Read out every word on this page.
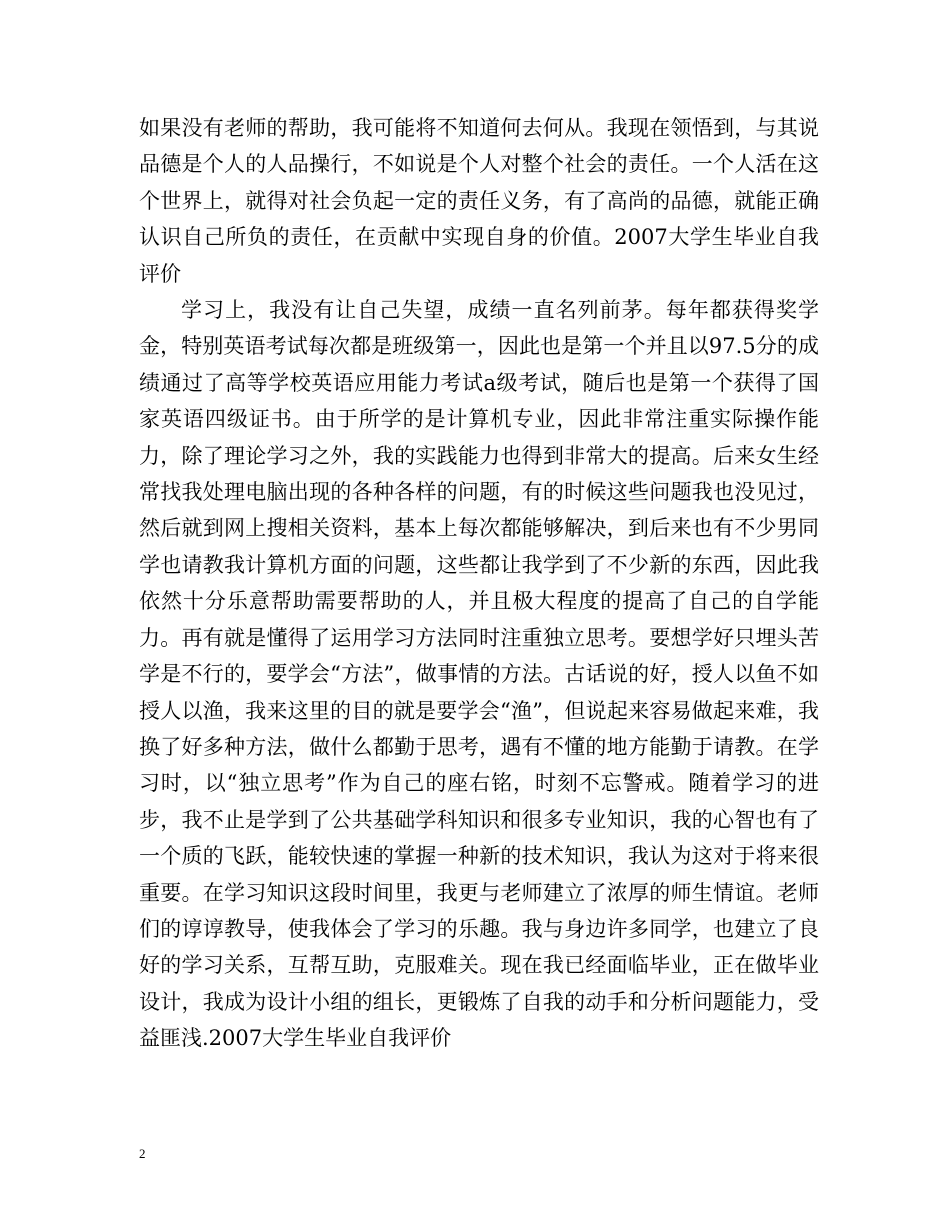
如果没有老师的帮助，我可能将不知道何去何从。我现在领悟到，与其说品德是个人的人品操行，不如说是个人对整个社会的责任。一个人活在这个世界上，就得对社会负起一定的责任义务，有了高尚的品德，就能正确认识自己所负的责任，在贡献中实现自身的价值。2007大学生毕业自我评价

学习上，我没有让自己失望，成绩一直名列前茅。每年都获得奖学金，特别英语考试每次都是班级第一，因此也是第一个并且以97.5分的成绩通过了高等学校英语应用能力考试a级考试，随后也是第一个获得了国家英语四级证书。由于所学的是计算机专业，因此非常注重实际操作能力，除了理论学习之外，我的实践能力也得到非常大的提高。后来女生经常找我处理电脑出现的各种各样的问题，有的时候这些问题我也没见过，然后就到网上搜相关资料，基本上每次都能够解决，到后来也有不少男同学也请教我计算机方面的问题，这些都让我学到了不少新的东西，因此我依然十分乐意帮助需要帮助的人，并且极大程度的提高了自己的自学能力。再有就是懂得了运用学习方法同时注重独立思考。要想学好只埋头苦学是不行的，要学会“方法”，做事情的方法。古话说的好，授人以鱼不如授人以渔，我来这里的目的就是要学会“渔”，但说起来容易做起来难，我换了好多种方法，做什么都勤于思考，遇有不懂的地方能勤于请教。在学习时，以“独立思考”作为自己的座右铭，时刻不忘警戒。随着学习的进步，我不止是学到了公共基础学科知识和很多专业知识，我的心智也有了一个质的飞跃，能较快速的掌握一种新的技术知识，我认为这对于将来很重要。在学习知识这段时间里，我更与老师建立了浓厚的师生情谊。老师们的谆谆教导，使我体会了学习的乐趣。我与身边许多同学，也建立了良好的学习关系，互帮互助，克服难关。现在我已经面临毕业，正在做毕业设计，我成为设计小组的组长，更锻炼了自我的动手和分析问题能力，受益匪浅.2007大学生毕业自我评价

2
